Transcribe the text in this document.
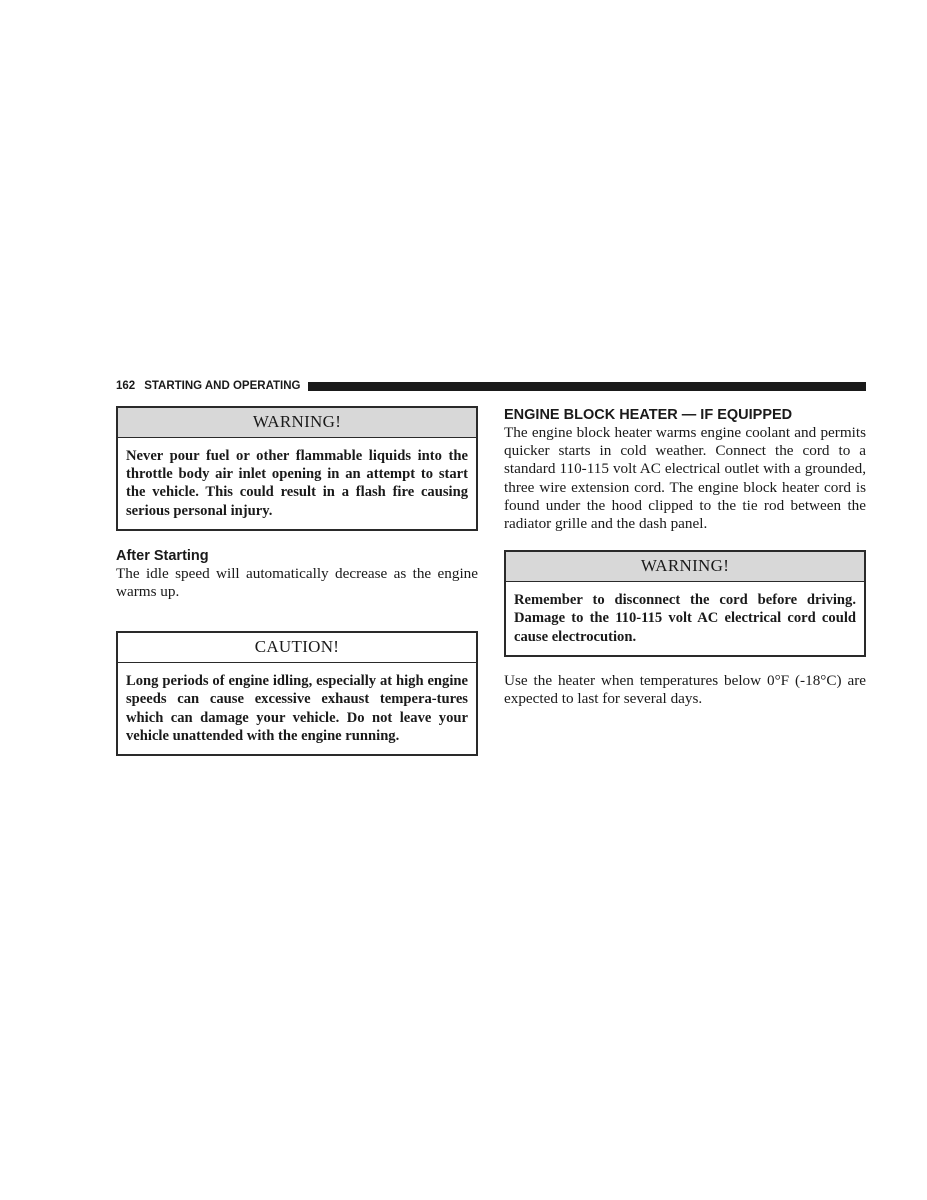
162 STARTING AND OPERATING
WARNING!
Never pour fuel or other flammable liquids into the throttle body air inlet opening in an attempt to start the vehicle. This could result in a flash fire causing serious personal injury.
After Starting

The idle speed will automatically decrease as the engine warms up.

CAUTION!
Long periods of engine idling, especially at high engine speeds can cause excessive exhaust tempera-tures which can damage your vehicle. Do not leave your vehicle unattended with the engine running.
ENGINE BLOCK HEATER — IF EQUIPPED

The engine block heater warms engine coolant and permits quicker starts in cold weather. Connect the cord to a standard 110-115 volt AC electrical outlet with a grounded, three wire extension cord. The engine block heater cord is found under the hood clipped to the tie rod between the radiator grille and the dash panel.

WARNING!
Remember to disconnect the cord before driving. Damage to the 110-115 volt AC electrical cord could cause electrocution.

Use the heater when temperatures below 0°F (-18°C) are expected to last for several days.
